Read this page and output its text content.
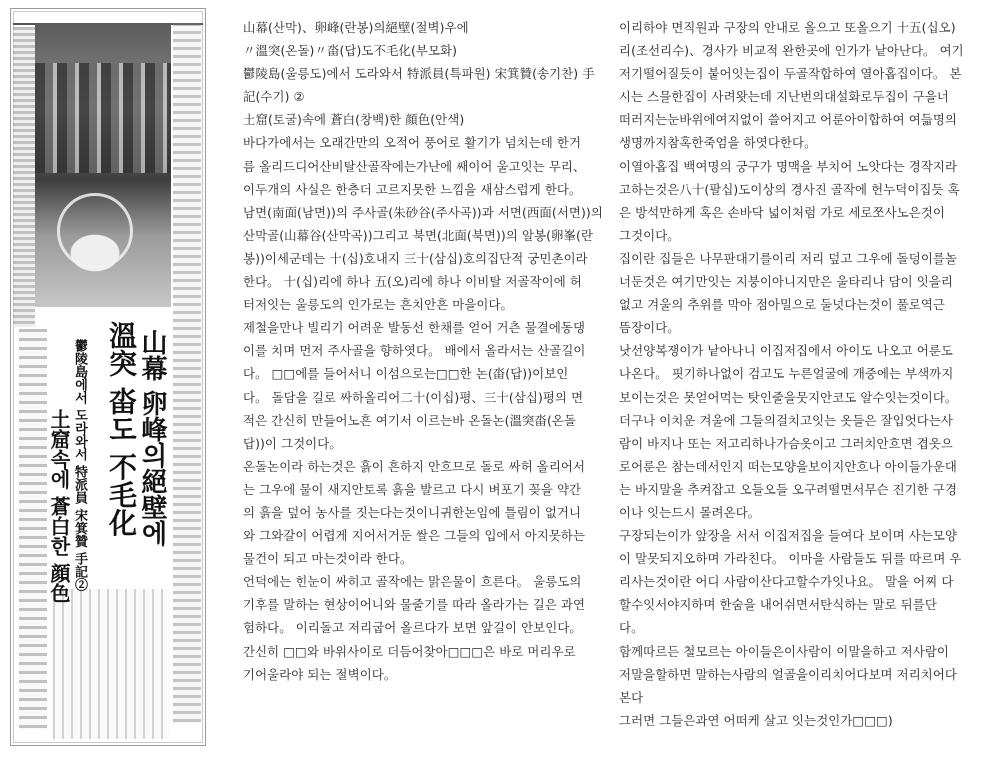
山幕 卵峰의絕壁에
溫突 畓도 不毛化
鬱陵島에서 도라와서 特派員 宋箕贊 手記②
土窟속에 蒼白한 顔色

山幕(산막)、卵峰(란봉)의絕壁(절벽)우에

〃溫突(온돌)〃畓(답)도不毛化(부모화)

鬱陵島(울릉도)에서 도라와서 特派員(특파원) 宋箕贊(송기찬) 手

記(수기) ②

土窟(토굴)속에 蒼白(창백)한 顔色(안색)

바다가에서는 오래간만의 오적어 풍어로 활기가 넘치는데 한거

름 올리드디어산비탈산골작에는가난에 쌔이어 울고잇는 무리、

이두개의 사실은 한층더 고르지못한 느낌을 새삼스럽게 한다。

남면(南面(남면))의 주사골(朱砂谷(주사곡))과 서면(西面(서면))의

산막골(山幕谷(산막곡))그리고 북면(北面(북면))의 알봉(卵峯(란

봉))이세군데는 十(십)호내지 三十(삼십)호의집단적 궁민촌이라

한다。 十(십)리에 하나 五(오)리에 하나 이비탈 저골작이에 허

터저잇는 울릉도의 인가로는 흔치안흔 마을이다。

제철을만나 빌리기 어려운 발동선 한채를 얻어 거츤 물결에동댕

이를 치며 먼저 주사골을 향하엿다。 배에서 올라서는 산골길이

다。 □□에를 들어서니 이섬으로는□□한 논(畓(답))이보인

다。 돌담을 길로 싸하올리어二十(이십)평、三十(삼십)평의 면

적은 간신히 만들어노흔 여기서 이르는바 온돌논(溫突畓(온돌

답))이 그것이다。

온돌논이라 하는것은 흙이 흔하지 안흐므로 돌로 싸허 올리어서

는 그우에 물이 새지안토록 흙을 발르고 다시 벼포기 꽂을 약간

의 흙을 덮어 농사를 짓는다는것이니귀한논임에 틀림이 없거니

와 그와갈이 어렵게 지어서거둔 쌀은 그들의 입에서 아지못하는

물건이 되고 마는것이라 한다。

언덕에는 힌눈이 싸히고 골작에는 맑은물이 흐른다。 울릉도의

기후를 말하는 현상이어니와 물줄기를 따라 올라가는 길은 과연

험하다。 이리돌고 저리굽어 올르다가 보면 앞길이 안보인다。

간신히 □□와 바위사이로 더듬어찾아□□□은 바로 머리우로

기어울라야 되는 절벽이다。

이리하야 면직원과 구장의 안내로 올으고 또올으기 十五(십오)

리(조선리수)、경사가 비교적 완한곳에 인가가 낱아난다。 여기

저기떨어질듯이 붙어잇는집이 두골작합하여 열아홉집이다。 본

시는 스믈한집이 사려왓는데 지난번의대설화로두집이 구을너

떠러지는눈바위에여지없이 쓸어지고 어룬아이합하여 여듧명의

생명까지참혹한죽엄을 하엿다한다。

이열아홉집 백여명의 궁구가 명맥을 부치어 노앗다는 경작지라

고하는것은八十(팔십)도이상의 경사진 골작에 헌누덕이집듯 혹

은 방석만하게 혹은 손바닥 넓이처럼 가로 세로쪼사노은것이

그것이다。

집이란 집들은 나무판대기를이리 저리 덮고 그우에 돌덩이를놀

너둔것은 여기만잇는 지붕이아니지만은 울타리나 담이 잇을리

없고 겨울의 추위를 막아 점아밀으로 둘넛다는것이 풀로역근

뜸장이다。

낫선양복쟁이가 낱아나니 이집저집에서 아이도 나오고 어룬도

나온다。 핏기하나없이 검고도 누른얼굴에 개중에는 부색까지

보이는것은 못얻어먹는 탓인줄을뭇지안코도 알수잇는것이다。

더구나 이치운 겨울에 그들의걸치고잇는 옷들은 잘입엇다는사

람이 바지나 또는 저고리하나가슴옷이고 그러치안흐면 겹옷으

로어룬은 참는데서인지 떠는모양을보이지안흐나 아이들가운대

는 바지말을 추켜잡고 오들오들 오구려떨면서무슨 진기한 구경

이나 잇는드시 몰려온다。

구장되는이가 앞장을 서서 이집저집을 들여다 보이며 사는모양

이 말못되지오하며 가라친다。 이마을 사람들도 뒤를 따르며 우

리사는것이란 어디 사람이산다고할수가잇나요。 말을 어찌 다

할수잇서야지하며 한숨을 내어쉬면서탄식하는 말로 뒤를단

다。

함께따르든 철모르는 아이들은이사람이 이말을하고 저사람이

저말을할하면 말하는사람의 얼골을이리치어다보며 저리치어다

본다

그러면 그들은과연 어떠케 살고 잇는것인가□□□)
